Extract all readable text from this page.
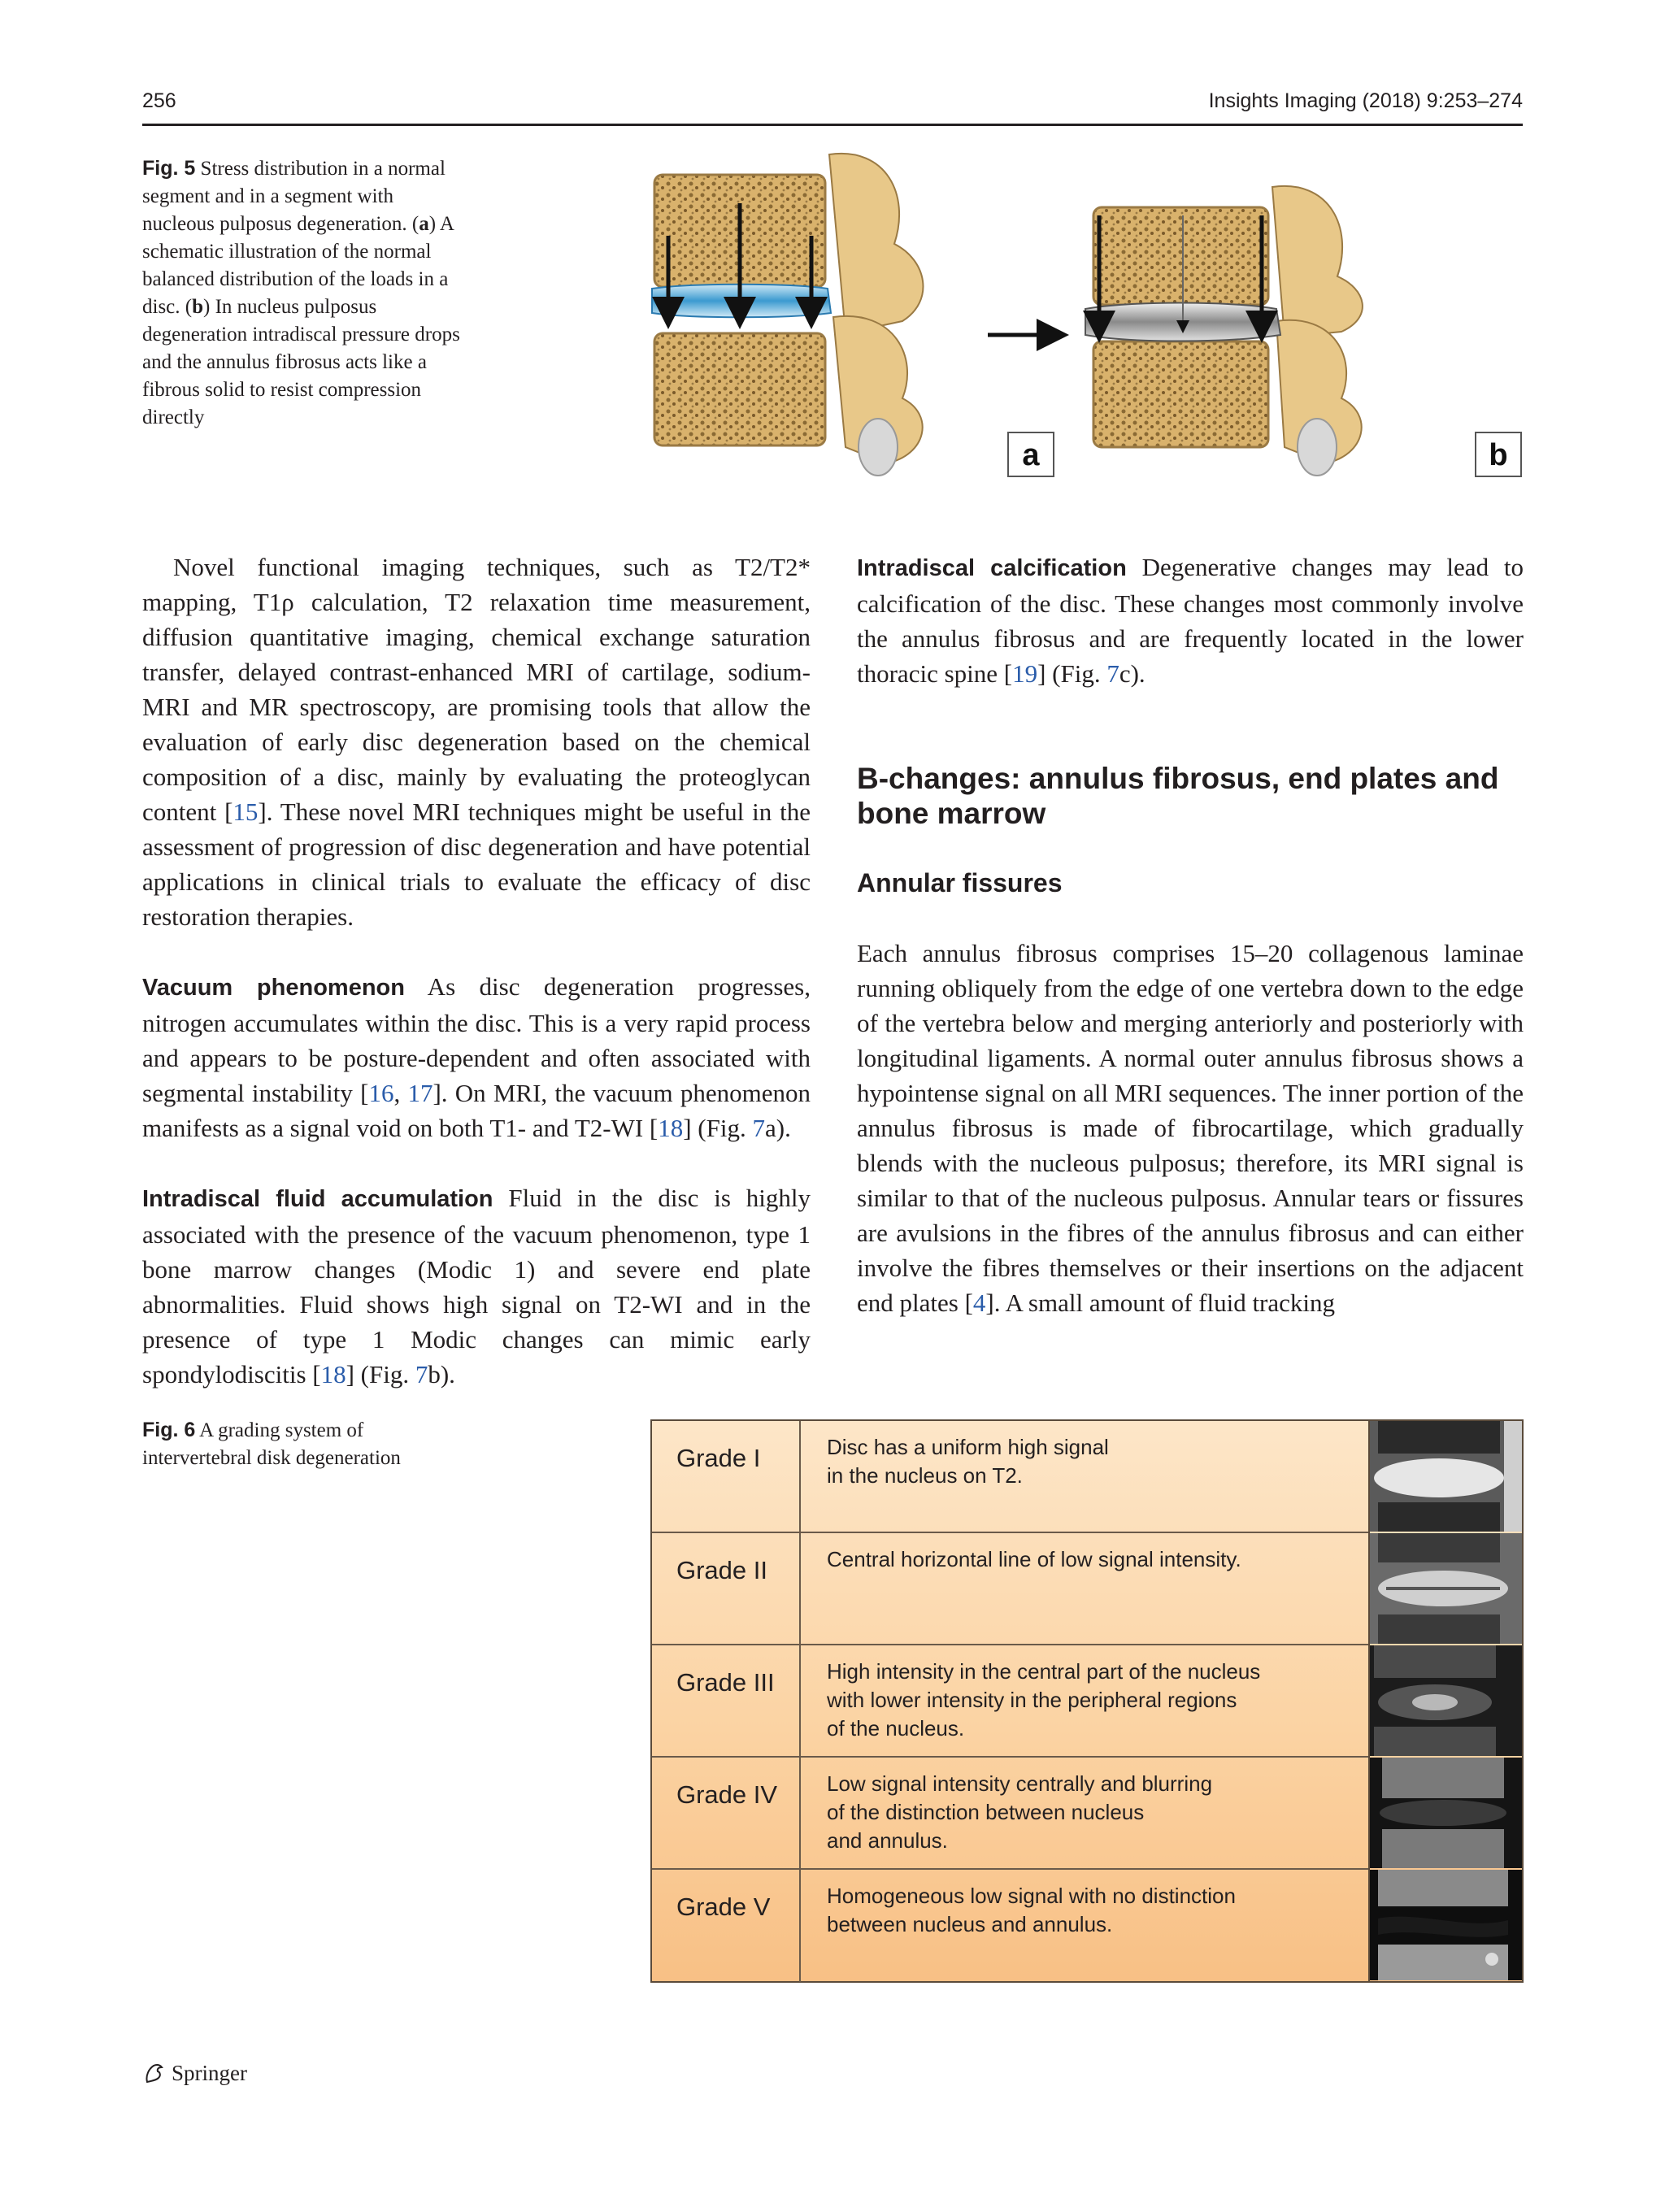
256	Insights Imaging (2018) 9:253–274
Fig. 5 Stress distribution in a normal segment and in a segment with nucleous pulposus degeneration. (a) A schematic illustration of the normal balanced distribution of the loads in a disc. (b) In nucleus pulposus degeneration intradiscal pressure drops and the annulus fibrosus acts like a fibrous solid to resist compression directly
a	b

Novel functional imaging techniques, such as T2/T2* mapping, T1ρ calculation, T2 relaxation time measurement, diffusion quantitative imaging, chemical exchange saturation transfer, delayed contrast-enhanced MRI of cartilage, sodium-MRI and MR spectroscopy, are promising tools that allow the evaluation of early disc degeneration based on the chemical composition of a disc, mainly by evaluating the proteoglycan content [15]. These novel MRI techniques might be useful in the assessment of progression of disc degeneration and have potential applications in clinical trials to evaluate the efficacy of disc restoration therapies.

Vacuum phenomenon As disc degeneration progresses, nitrogen accumulates within the disc. This is a very rapid process and appears to be posture-dependent and often associated with segmental instability [16, 17]. On MRI, the vacuum phenomenon manifests as a signal void on both T1- and T2-WI [18] (Fig. 7a).

Intradiscal fluid accumulation Fluid in the disc is highly associated with the presence of the vacuum phenomenon, type 1 bone marrow changes (Modic 1) and severe end plate abnormalities. Fluid shows high signal on T2-WI and in the presence of type 1 Modic changes can mimic early spondylodiscitis [18] (Fig. 7b).

Intradiscal calcification Degenerative changes may lead to calcification of the disc. These changes most commonly involve the annulus fibrosus and are frequently located in the lower thoracic spine [19] (Fig. 7c).

B-changes: annulus fibrosus, end plates and bone marrow

Annular fissures

Each annulus fibrosus comprises 15–20 collagenous laminae running obliquely from the edge of one vertebra down to the edge of the vertebra below and merging anteriorly and posteriorly with longitudinal ligaments. A normal outer annulus fibrosus shows a hypointense signal on all MRI sequences. The inner portion of the annulus fibrosus is made of fibrocartilage, which gradually blends with the nucleous pulposus; therefore, its MRI signal is similar to that of the nucleous pulposus. Annular tears or fissures are avulsions in the fibres of the annulus fibrosus and can either involve the fibres themselves or their insertions on the adjacent end plates [4]. A small amount of fluid tracking

Fig. 6 A grading system of intervertebral disk degeneration	Grade I	Disc has a uniform high signal
in the nucleus on T2.
Grade II	Central horizontal line of low signal intensity.
Grade III	High intensity in the central part of the nucleus
with lower intensity in the peripheral regions
of the nucleus.
Grade IV	Low signal intensity centrally and blurring
of the distinction between nucleus
and annulus.
Grade V	Homogeneous low signal with no distinction
between nucleus and annulus.
Springer
